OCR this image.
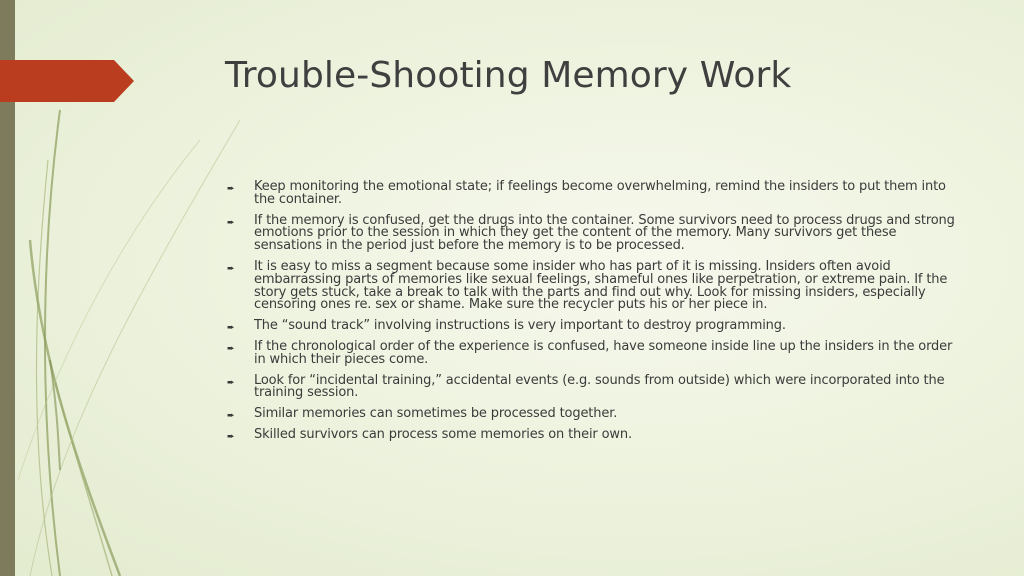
Trouble-Shooting Memory Work
➨ Keep monitoring the emotional state; if feelings become overwhelming, remind the insiders to put them into the container.
➨ If the memory is confused, get the drugs into the container. Some survivors need to process drugs and strong emotions prior to the session in which they get the content of the memory. Many survivors get these sensations in the period just before the memory is to be processed.
➨ It is easy to miss a segment because some insider who has part of it is missing. Insiders often avoid embarrassing parts of memories like sexual feelings, shameful ones like perpetration, or extreme pain. If the story gets stuck, take a break to talk with the parts and find out why. Look for missing insiders, especially censoring ones re. sex or shame. Make sure the recycler puts his or her piece in.
➨ The “sound track” involving instructions is very important to destroy programming.
➨ If the chronological order of the experience is confused, have someone inside line up the insiders in the order in which their pieces come.
➨ Look for “incidental training,” accidental events (e.g. sounds from outside) which were incorporated into the training session.
➨ Similar memories can sometimes be processed together.
➨ Skilled survivors can process some memories on their own.
